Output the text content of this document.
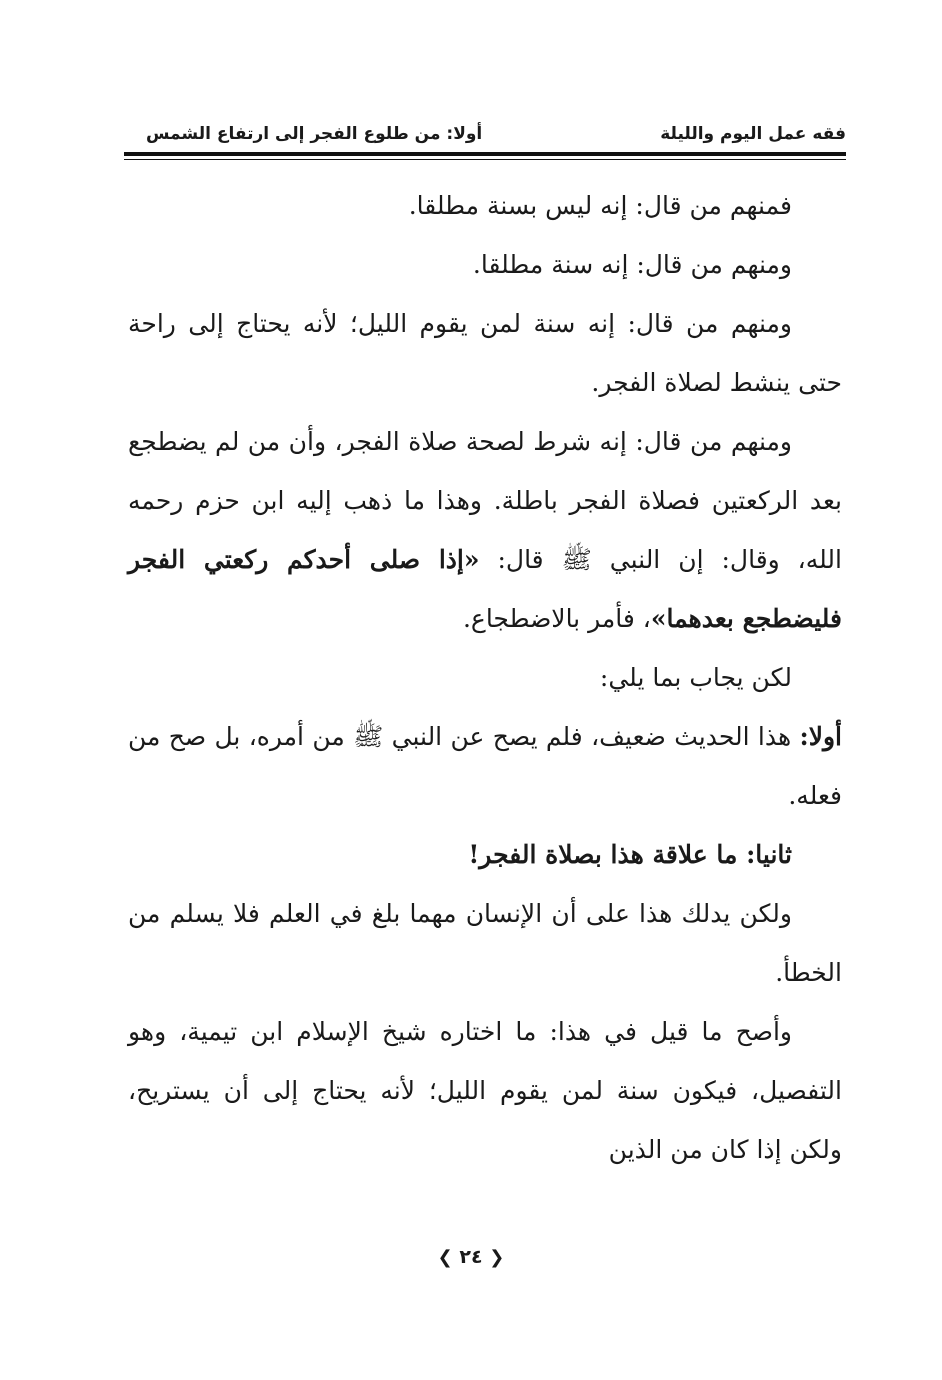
فقه عمل اليوم والليلة
أولا: من طلوع الفجر إلى ارتفاع الشمس

فمنهم من قال: إنه ليس بسنة مطلقا.

ومنهم من قال: إنه سنة مطلقا.

ومنهم من قال: إنه سنة لمن يقوم الليل؛ لأنه يحتاج إلى راحة حتى ينشط لصلاة الفجر.

ومنهم من قال: إنه شرط لصحة صلاة الفجر، وأن من لم يضطجع بعد الركعتين فصلاة الفجر باطلة. وهذا ما ذهب إليه ابن حزم رحمه الله، وقال: إن النبي ﷺ قال: «إذا صلى أحدكم ركعتي الفجر فليضطجع بعدهما»، فأمر بالاضطجاع.

لكن يجاب بما يلي:

أولا: هذا الحديث ضعيف، فلم يصح عن النبي ﷺ من أمره، بل صح من فعله.

ثانيا: ما علاقة هذا بصلاة الفجر!

ولكن يدلك هذا على أن الإنسان مهما بلغ في العلم فلا يسلم من الخطأ.

وأصح ما قيل في هذا: ما اختاره شيخ الإسلام ابن تيمية، وهو التفصيل، فيكون سنة لمن يقوم الليل؛ لأنه يحتاج إلى أن يستريح، ولكن إذا كان من الذين

❮ ٢٤ ❯
